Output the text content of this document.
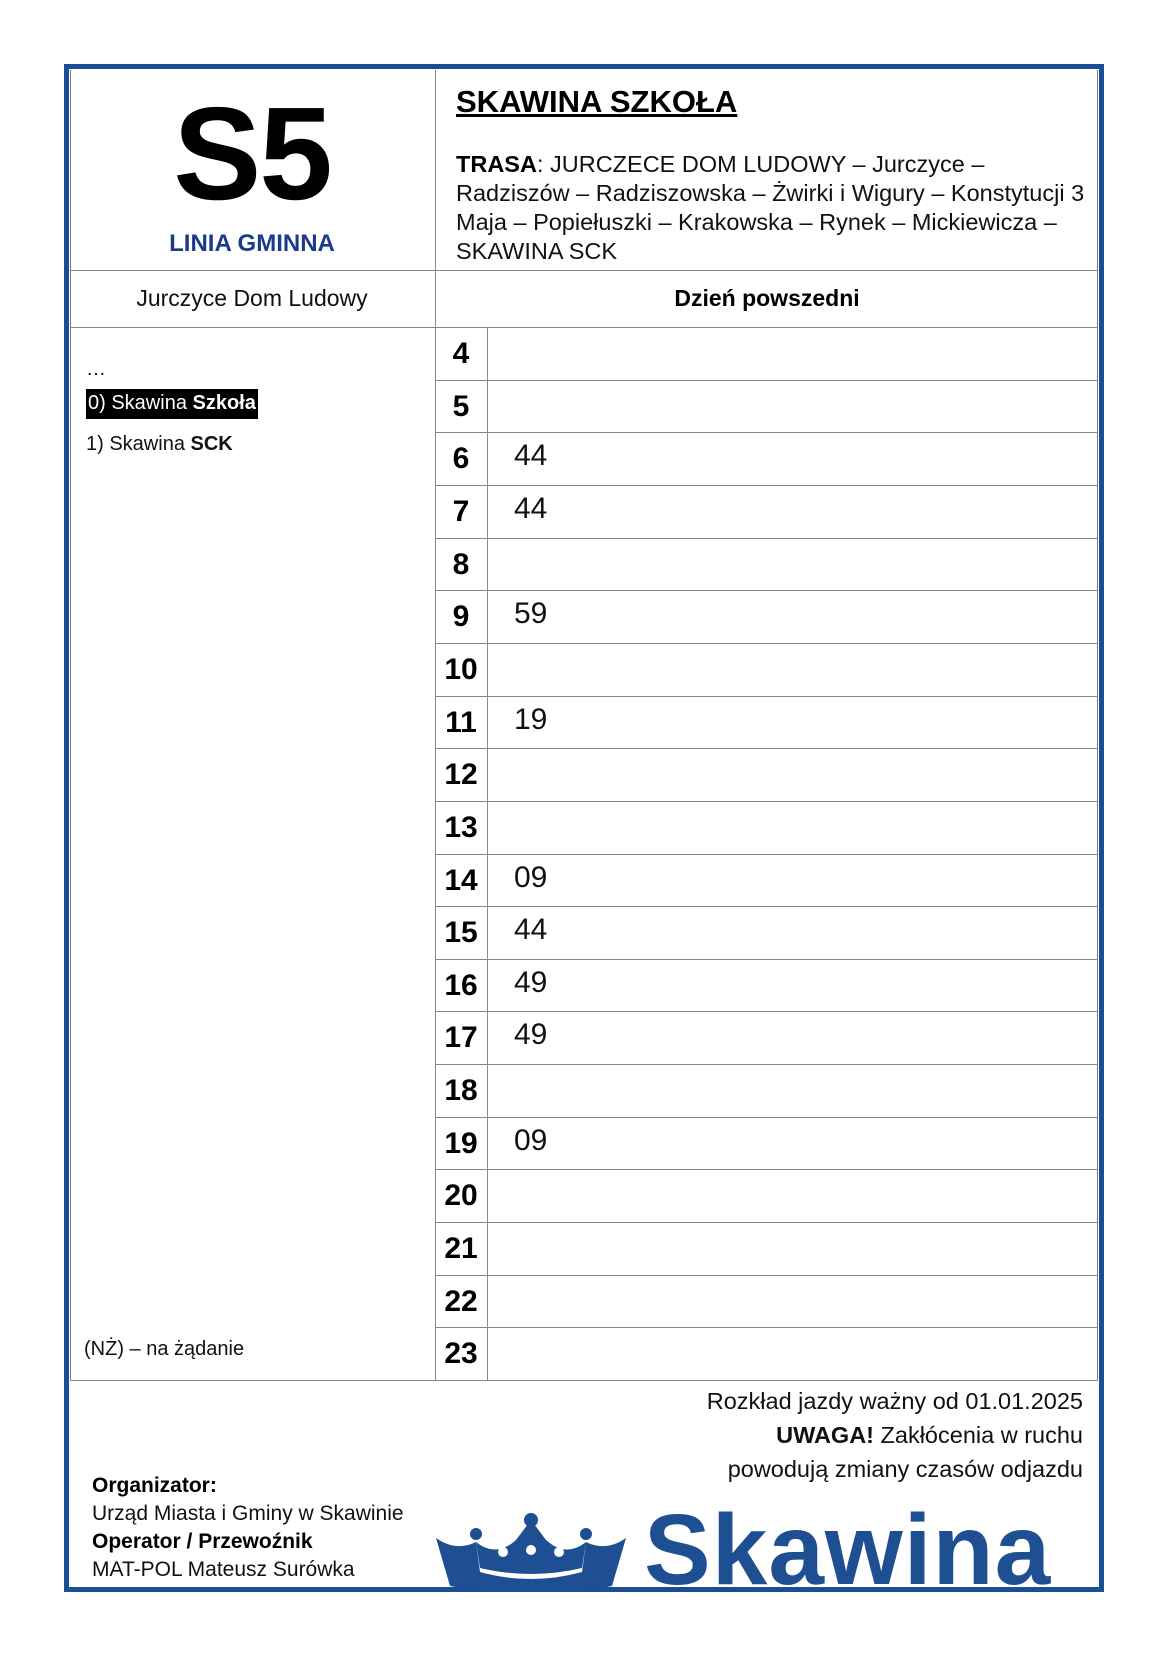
S5
LINIA GMINNA
SKAWINA SZKOŁA
TRASA: JURCZECE DOM LUDOWY – Jurczyce – Radziszów – Radziszowska – Żwirki i Wigury – Konstytucji 3 Maja – Popiełuszki – Krakowska – Rynek – Mickiewicza – SKAWINA SCK
Jurczyce Dom Ludowy	Dzień powszedni
…
0) Skawina Szkoła
1) Skawina SCK
(NŻ) – na żądanie
4
5
6	44
7	44
8
9	59
10
11	19
12
13
14 09
15 44
16 49
17 49
18
19 09
20
21
22
23
Rozkład jazdy ważny od 01.01.2025
UWAGA! Zakłócenia w ruchu
powodują zmiany czasów odjazdu
Organizator:
Urząd Miasta i Gminy w Skawinie
Operator / Przewoźnik
MAT-POL Mateusz Surówka	Skawina
